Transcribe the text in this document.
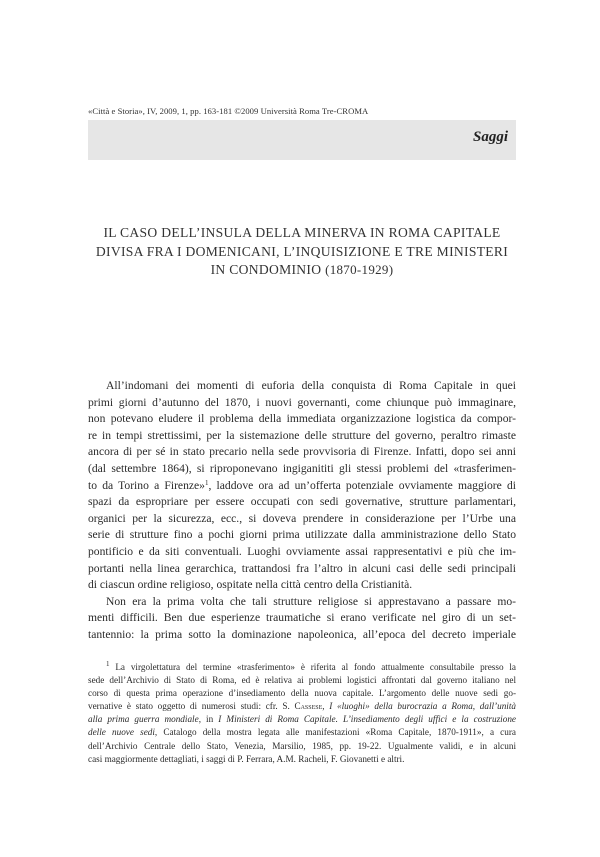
«Città e Storia», IV, 2009, 1, pp. 163-181 ©2009 Università Roma Tre-CROMA
Saggi
IL CASO DELL’INSULA DELLA MINERVA IN ROMA CAPITALE
DIVISA FRA I DOMENICANI, L’INQUISIZIONE E TRE MINISTERI
IN CONDOMINIO (1870-1929)
All’indomani dei momenti di euforia della conquista di Roma Capitale in quei
primi giorni d’autunno del 1870, i nuovi governanti, come chiunque può immaginare,
non potevano eludere il problema della immediata organizzazione logistica da compor-
re in tempi strettissimi, per la sistemazione delle strutture del governo, peraltro rimaste
ancora di per sé in stato precario nella sede provvisoria di Firenze. Infatti, dopo sei anni
(dal settembre 1864), si riproponevano ingiganititi gli stessi problemi del «trasferimen-
to da Torino a Firenze»$^1$, laddove ora ad un’offerta potenziale ovviamente maggiore di
spazi da espropriare per essere occupati con sedi governative, strutture parlamentari,
organici per la sicurezza, ecc., si doveva prendere in considerazione per l’Urbe una
serie di strutture fino a pochi giorni prima utilizzate dalla amministrazione dello Stato
pontificio e da siti conventuali. Luoghi ovviamente assai rappresentativi e più che im-
portanti nella linea gerarchica, trattandosi fra l’altro in alcuni casi delle sedi principali
di ciascun ordine religioso, ospitate nella città centro della Cristianità.
Non era la prima volta che tali strutture religiose si apprestavano a passare mo-
menti difficili. Ben due esperienze traumatiche si erano verificate nel giro di un set-
tantennio: la prima sotto la dominazione napoleonica, all’epoca del decreto imperiale
$^1$ La virgolettatura del termine «trasferimento» è riferita al fondo attualmente consultabile presso la
sede dell’Archivio di Stato di Roma, ed è relativa ai problemi logistici affrontati dal governo italiano nel
corso di questa prima operazione d’insediamento della nuova capitale. L’argomento delle nuove sedi go-
vernative è stato oggetto di numerosi studi: cfr. S. Cassese, I «luoghi» della burocrazia a Roma, dall’unità
alla prima guerra mondiale, in I Ministeri di Roma Capitale. L’insediamento degli uffici e la costruzione
delle nuove sedi, Catalogo della mostra legata alle manifestazioni «Roma Capitale, 1870-1911», a cura
dell’Archivio Centrale dello Stato, Venezia, Marsilio, 1985, pp. 19-22. Ugualmente validi, e in alcuni
casi maggiormente dettagliati, i saggi di P. Ferrara, A.M. Racheli, F. Giovanetti e altri.
